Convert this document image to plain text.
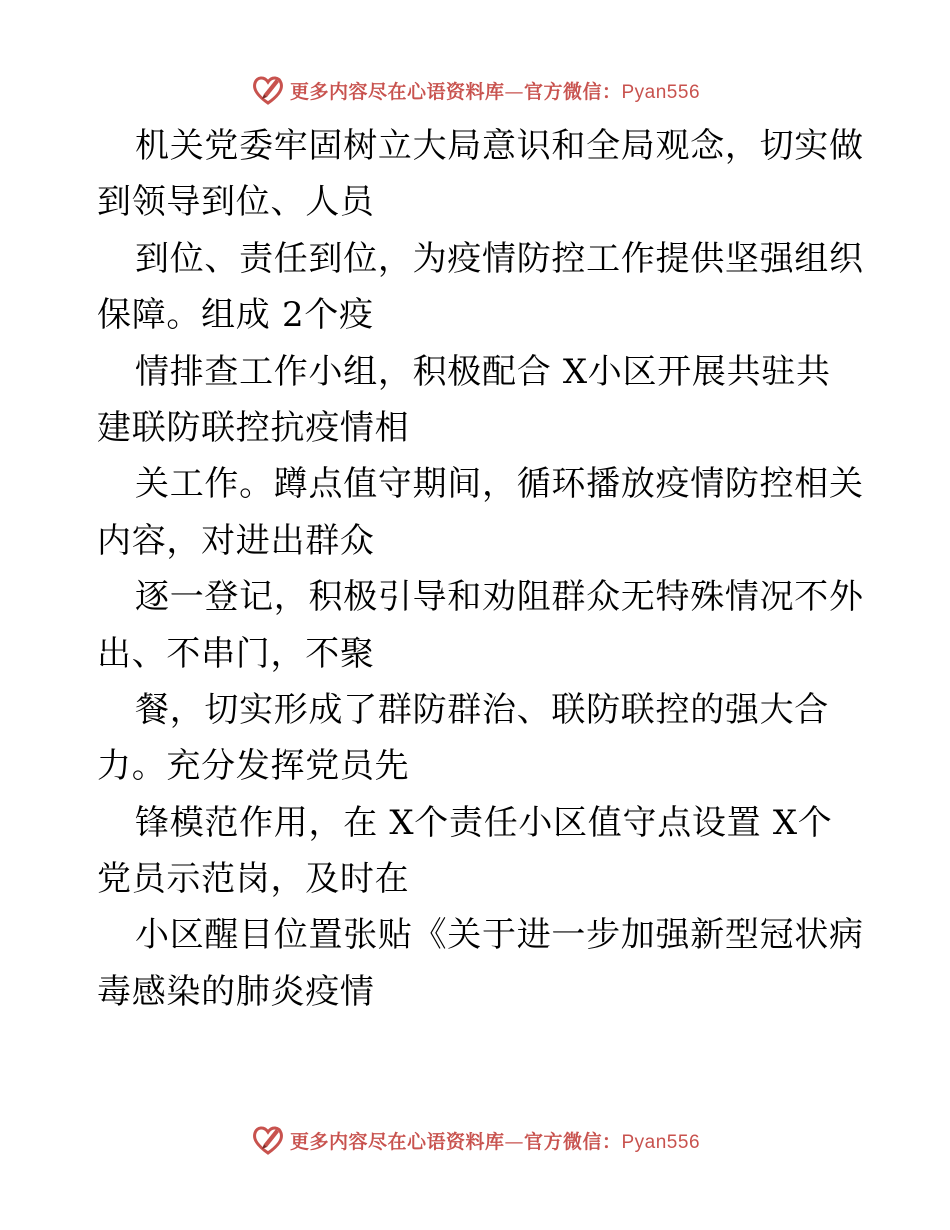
更多内容尽在心语资料库—官方微信：Pyan556
机关党委牢固树立大局意识和全局观念，切实做
到领导到位、人员
到位、责任到位，为疫情防控工作提供坚强组织
保障。组成 2个疫
情排查工作小组，积极配合 X小区开展共驻共
建联防联控抗疫情相
关工作。蹲点值守期间，循环播放疫情防控相关
内容，对进出群众
逐一登记，积极引导和劝阻群众无特殊情况不外
出、不串门，不聚
餐，切实形成了群防群治、联防联控的强大合
力。充分发挥党员先
锋模范作用，在 X个责任小区值守点设置 X个
党员示范岗，及时在
小区醒目位置张贴《关于进一步加强新型冠状病
毒感染的肺炎疫情
更多内容尽在心语资料库—官方微信：Pyan556
